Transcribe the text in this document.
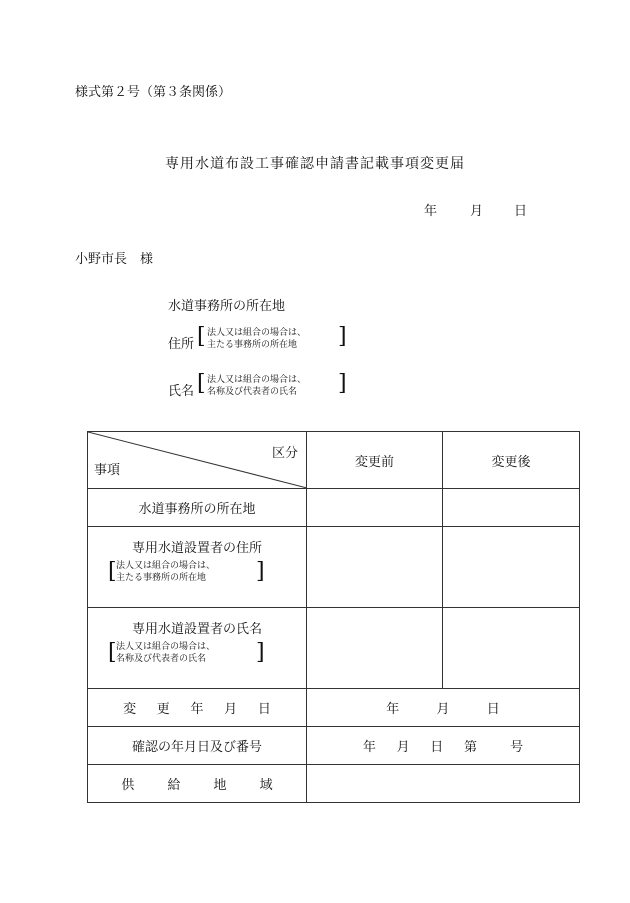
様式第２号（第３条関係）
専用水道布設工事確認申請書記載事項変更届
年	月 日
小野市長　様
水道事務所の所在地
住所 [ 法人又は組合の場合は、
主たる事務所の所在地	]
氏名 [ 法人又は組合の場合は、
名称及び代表者の氏名	]
区分
事項	変更前	変更後
水道事務所の所在地		

専用水道設置者の住所
[ 法人又は組合の場合は、
主たる事務所の所在地 ]		

専用水道設置者の氏名
[ 法人又は組合の場合は、
名称及び代表者の氏名 ]		

変 更 年 月 日	年 月 日	
確認の年月日及び番号	年 月 日 第 号	
供 給 地 域		
